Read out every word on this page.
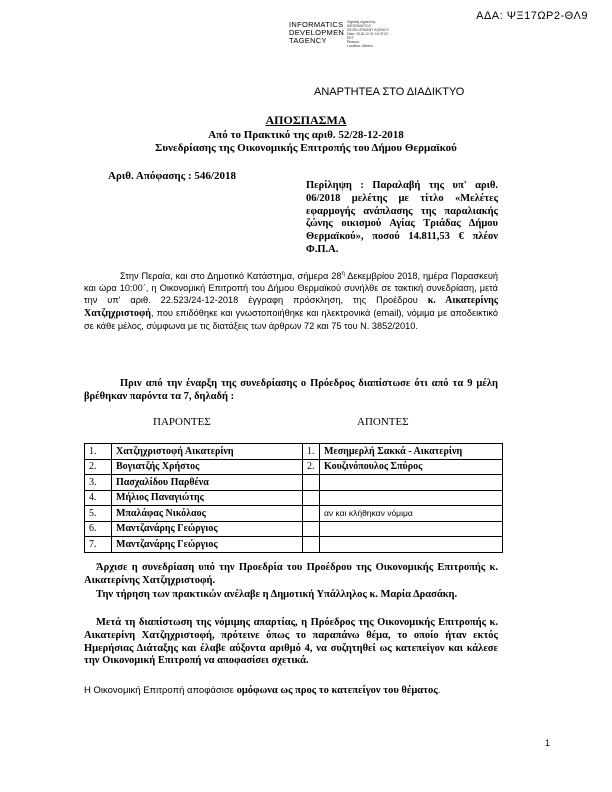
ΑΔΑ: ΨΞ17ΩΡ2-ΘΛ9
INFORMATICS
DEVELOPMEN
TAGENCY
Digitally signed by
INFORMATICS
DEVELOPMENT AGENCY
Date: 2018.12.31 15:37:57
EET
Reason:
Location: Athens
ΑΝΑΡΤΗΤΕΑ ΣΤΟ ΔΙΑΔΙΚΤΥΟ
ΑΠΟΣΠΑΣΜΑ
Από το Πρακτικό της αριθ. 52/28-12-2018
Συνεδρίασης της Οικονομικής Επιτροπής του Δήμου Θερμαϊκού
Αριθ. Απόφασης : 546/2018
Περίληψη : Παραλαβή της υπ' αριθ. 06/2018 μελέτης με τίτλο «Μελέτες εφαρμογής ανάπλασης της παραλιακής ζώνης οικισμού Αγίας Τριάδας Δήμου Θερμαϊκού», ποσού 14.811,53 € πλέον Φ.Π.Α.
Στην Περαία, και στο Δημοτικό Κατάστημα, σήμερα $28^\eta$ Δεκεμβρίου 2018, ημέρα Παρασκευή και ώρα 10:00΄, η Οικονομική Επιτροπή του Δήμου Θερμαϊκού συνήλθε σε τακτική συνεδρίαση, μετά την υπ' αριθ. 22.523/24-12-2018 έγγραφη πρόσκληση, της Προέδρου κ. Αικατερίνης Χατζηχριστοφή, που επιδόθηκε και γνωστοποιήθηκε και ηλεκτρονικά (email), νόμιμα με αποδεικτικό σε κάθε μέλος, σύμφωνα με τις διατάξεις των άρθρων 72 και 75 του Ν. 3852/2010.
Πριν από την έναρξη της συνεδρίασης ο Πρόεδρος διαπίστωσε ότι από τα 9 μέλη βρέθηκαν παρόντα τα 7, δηλαδή :
ΠΑΡΟΝΤΕΣ	ΑΠΟΝΤΕΣ
1.	Χατζηχριστοφή Αικατερίνη	1.	Μεσημερλή Σακκά - Αικατερίνη
2.	Βογιατζής Χρήστος	2.	Κουζινόπουλος Σπύρος
3.	Πασχαλίδου Παρθένα		
4.	Μήλιος Παναγιώτης		
5.	Μπαλάφας Νικόλαος		αν και κλήθηκαν νόμιμα
6.	Μαντζανάρης Γεώργιος		
7.	Μαντζανάρης Γεώργιος		
Άρχισε η συνεδρίαση υπό την Προεδρία του Προέδρου της Οικονομικής Επιτροπής κ. Αικατερίνης Χατζηχριστοφή.
Την τήρηση των πρακτικών ανέλαβε η Δημοτική Υπάλληλος κ. Μαρία Δρασάκη.
Μετά τη διαπίστωση της νόμιμης απαρτίας, η Πρόεδρος της Οικονομικής Επιτροπής κ. Αικατερίνη Χατζηχριστοφή, πρότεινε όπως το παραπάνω θέμα, το οποίο ήταν εκτός Ημερήσιας Διάταξης και έλαβε αύξοντα αριθμό 4, να συζητηθεί ως κατεπείγον και κάλεσε την Οικονομική Επιτροπή να αποφασίσει σχετικά.
Η Οικονομική Επιτροπή αποφάσισε ομόφωνα ως προς το κατεπείγον του θέματος.
1
